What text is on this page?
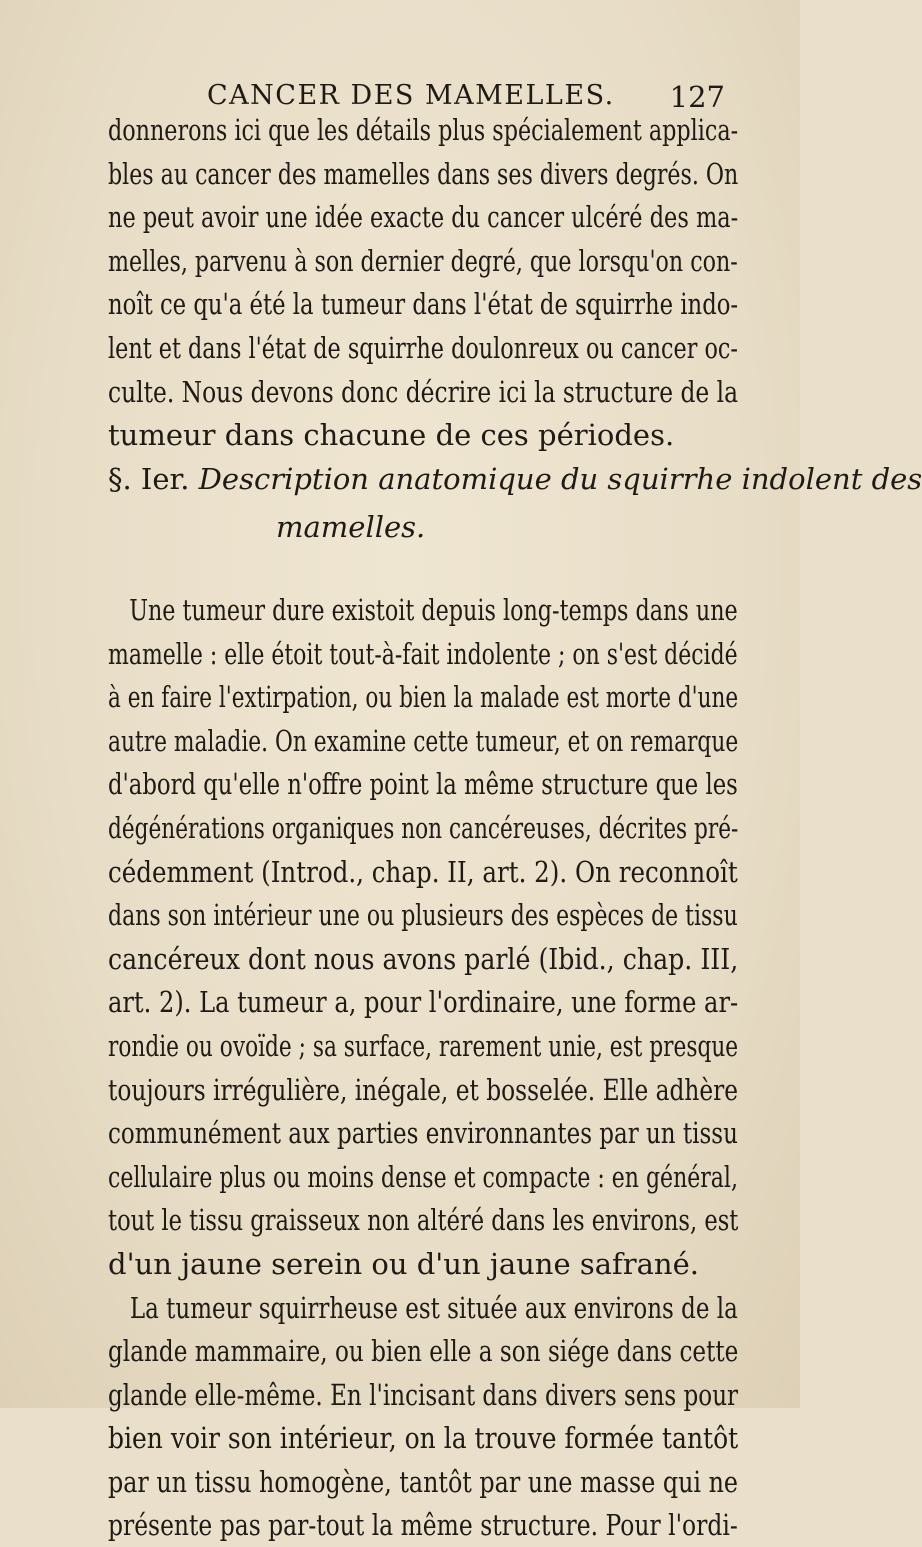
CANCER DES MAMELLES. 127
donnerons ici que les détails plus spécialement applica-
bles au cancer des mamelles dans ses divers degrés. On
ne peut avoir une idée exacte du cancer ulcéré des ma-
melles, parvenu à son dernier degré, que lorsqu'on con-
noît ce qu'a été la tumeur dans l'état de squirrhe indo-
lent et dans l'état de squirrhe doulonreux ou cancer oc-
culte. Nous devons donc décrire ici la structure de la
tumeur dans chacune de ces périodes.
§. Ier. Description anatomique du squirrhe indolent des
mamelles.
Une tumeur dure existoit depuis long-temps dans une
mamelle : elle étoit tout-à-fait indolente ; on s'est décidé
à en faire l'extirpation, ou bien la malade est morte d'une
autre maladie. On examine cette tumeur, et on remarque
d'abord qu'elle n'offre point la même structure que les
dégénérations organiques non cancéreuses, décrites pré-
cédemment (Introd., chap. II, art. 2). On reconnoît
dans son intérieur une ou plusieurs des espèces de tissu
cancéreux dont nous avons parlé (Ibid., chap. III,
art. 2). La tumeur a, pour l'ordinaire, une forme ar-
rondie ou ovoïde ; sa surface, rarement unie, est presque
toujours irrégulière, inégale, et bosselée. Elle adhère
communément aux parties environnantes par un tissu
cellulaire plus ou moins dense et compacte : en général,
tout le tissu graisseux non altéré dans les environs, est
d'un jaune serein ou d'un jaune safrané.
La tumeur squirrheuse est située aux environs de la
glande mammaire, ou bien elle a son siége dans cette
glande elle-même. En l'incisant dans divers sens pour
bien voir son intérieur, on la trouve formée tantôt
par un tissu homogène, tantôt par une masse qui ne
présente pas par-tout la même structure. Pour l'ordi-
